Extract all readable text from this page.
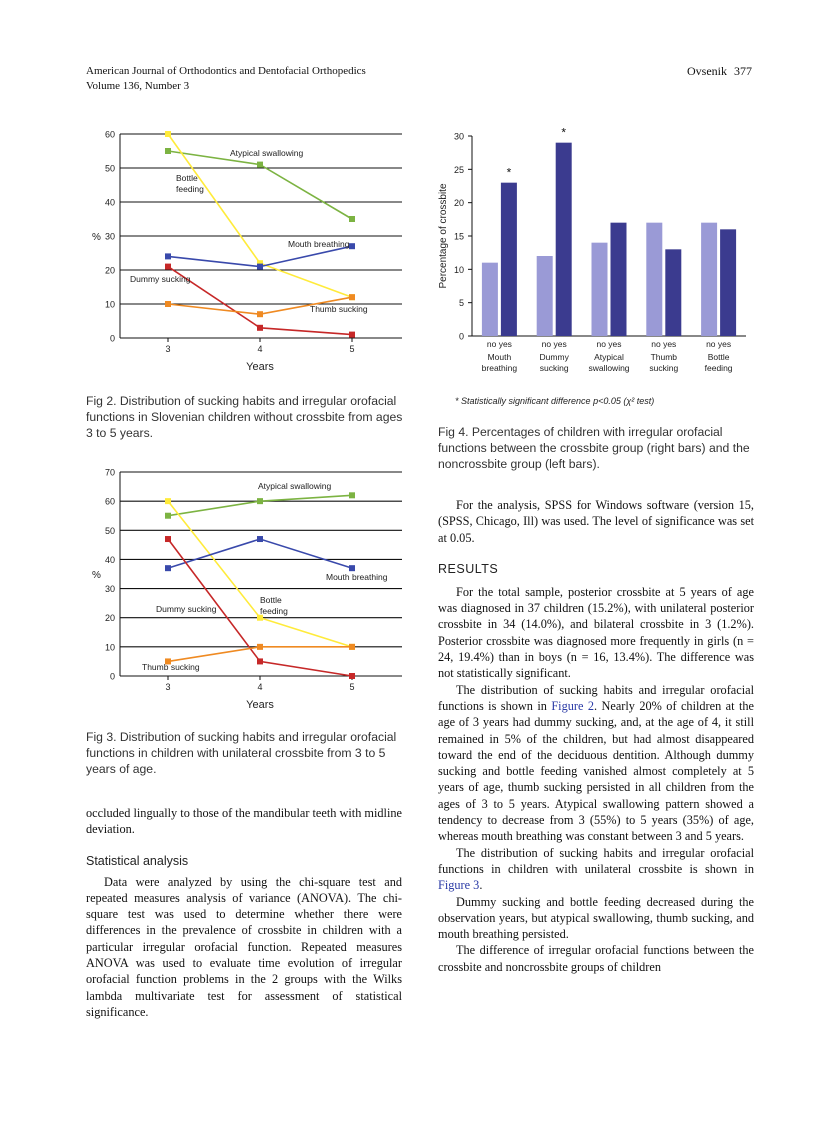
American Journal of Orthodontics and Dentofacial Orthopedics
Volume 136, Number 3
Ovsenik 377
0
10
20
30
40
50
60
3	4	5
Years
%
Atypical swallowing
Bottle
feeding
Mouth breathing
Dummy sucking
Thumb sucking
Fig 2. Distribution of sucking habits and irregular orofacial functions in Slovenian children without crossbite from ages 3 to 5 years.
0
10
20
30
40
50
60
70
3	4	5
Years
%
Atypical swallowing
Bottle
feeding
Mouth breathing
Dummy sucking
Thumb sucking
Fig 3. Distribution of sucking habits and irregular orofacial functions in children with unilateral crossbite from 3 to 5 years of age.
0
5
10
15
20
25
30
Percentage of crossbite
*
no yes
Mouth
breathing
*
no yes
Dummy
sucking
no yes
Atypical
swallowing
no yes
Thumb
sucking
no yes
Bottle
feeding
* Statistically significant difference p<0.05 (χ² test)
Fig 4. Percentages of children with irregular orofacial functions between the crossbite group (right bars) and the noncrossbite group (left bars).

occluded lingually to those of the mandibular teeth with midline deviation.

Statistical analysis

Data were analyzed by using the chi-square test and repeated measures analysis of variance (ANOVA). The chi-square test was used to determine whether there were differences in the prevalence of crossbite in children with a particular irregular orofacial function. Repeated measures ANOVA was used to evaluate time evolution of irregular orofacial function problems in the 2 groups with the Wilks lambda multivariate test for assessment of statistical significance.

For the analysis, SPSS for Windows software (version 15, (SPSS, Chicago, Ill) was used. The level of significance was set at 0.05.

RESULTS

For the total sample, posterior crossbite at 5 years of age was diagnosed in 37 children (15.2%), with unilateral posterior crossbite in 34 (14.0%), and bilateral crossbite in 3 (1.2%). Posterior crossbite was diagnosed more frequently in girls (n = 24, 19.4%) than in boys (n = 16, 13.4%). The difference was not statistically significant.

The distribution of sucking habits and irregular orofacial functions is shown in Figure 2. Nearly 20% of children at the age of 3 years had dummy sucking, and, at the age of 4, it still remained in 5% of the children, but had almost disappeared toward the end of the deciduous dentition. Although dummy sucking and bottle feeding vanished almost completely at 5 years of age, thumb sucking persisted in all children from the ages of 3 to 5 years. Atypical swallowing pattern showed a tendency to decrease from 3 (55%) to 5 years (35%) of age, whereas mouth breathing was constant between 3 and 5 years.

The distribution of sucking habits and irregular orofacial functions in children with unilateral crossbite is shown in Figure 3.

Dummy sucking and bottle feeding decreased during the observation years, but atypical swallowing, thumb sucking, and mouth breathing persisted.

The difference of irregular orofacial functions between the crossbite and noncrossbite groups of children
